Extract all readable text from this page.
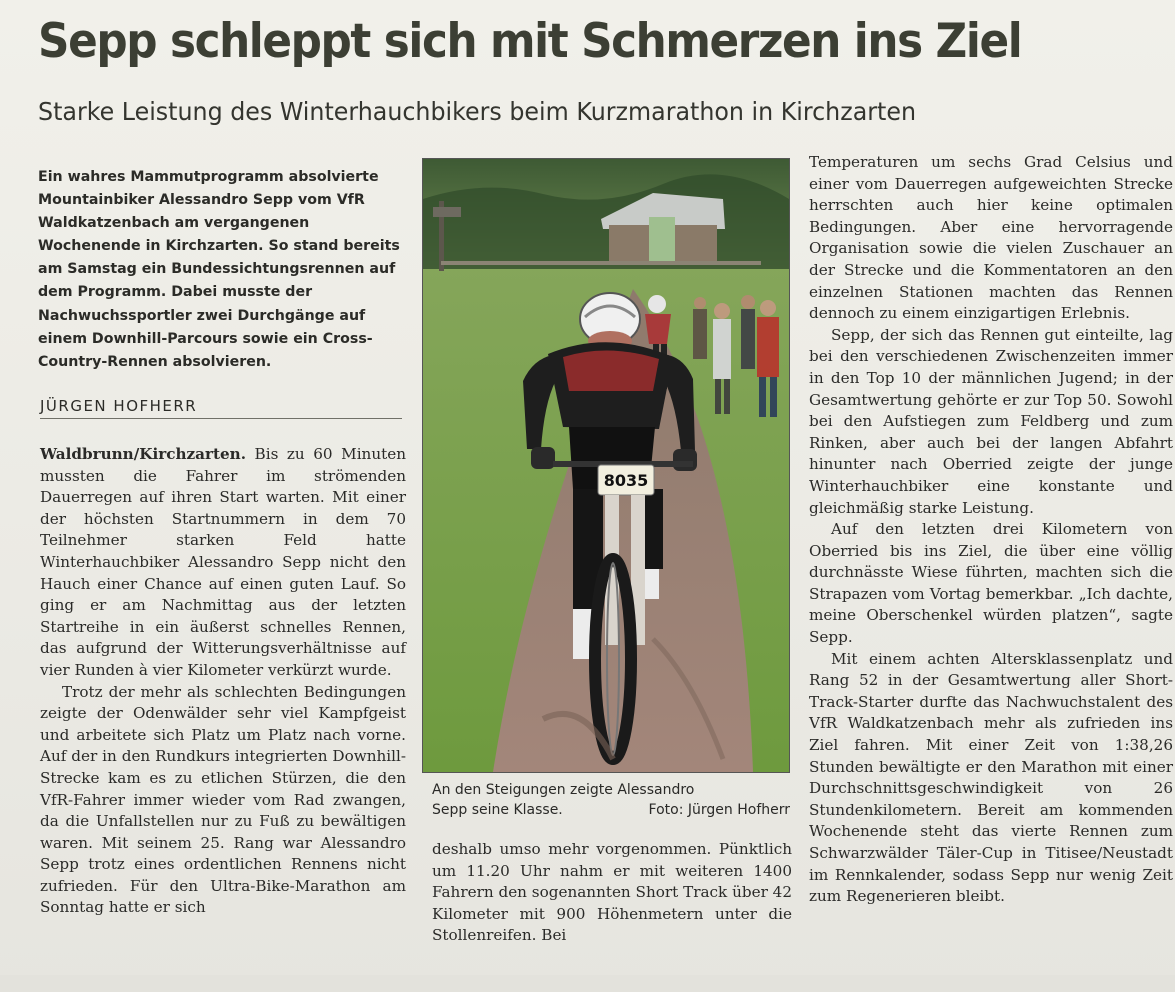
Sepp schleppt sich mit Schmerzen ins Ziel
Starke Leistung des Winterhauchbikers beim Kurzmarathon in Kirchzarten

Ein wahres Mammutprogramm absolvierte Mountainbiker Alessandro Sepp vom VfR Waldkatzenbach am vergangenen Wochenende in Kirchzarten. So stand bereits am Samstag ein Bundessichtungsrennen auf dem Programm. Dabei musste der Nachwuchssportler zwei Durchgänge auf einem Downhill-Parcours sowie ein Cross-Country-Rennen absolvieren.

JÜRGEN HOFHERR

Waldbrunn/Kirchzarten. Bis zu 60 Minuten mussten die Fahrer im strömenden Dauerregen auf ihren Start warten. Mit einer der höchsten Startnummern in dem 70 Teilnehmer starken Feld hatte Winterhauchbiker Alessandro Sepp nicht den Hauch einer Chance auf einen guten Lauf. So ging er am Nachmittag aus der letzten Startreihe in ein äußerst schnelles Rennen, das aufgrund der Witterungsverhältnisse auf vier Runden à vier Kilometer verkürzt wurde.

Trotz der mehr als schlechten Bedingungen zeigte der Odenwälder sehr viel Kampfgeist und arbeitete sich Platz um Platz nach vorne. Auf der in den Rundkurs integrierten Downhill-Strecke kam es zu etlichen Stürzen, die den VfR-Fahrer immer wieder vom Rad zwangen, da die Unfallstellen nur zu Fuß zu bewältigen waren. Mit seinem 25. Rang war Alessandro Sepp trotz eines ordentlichen Rennens nicht zufrieden. Für den Ultra-Bike-Marathon am Sonntag hatte er sich

8035
An den Steigungen zeigte Alessandro Sepp seine Klasse.	Foto: Jürgen Hofherr

deshalb umso mehr vorgenommen. Pünktlich um 11.20 Uhr nahm er mit weiteren 1400 Fahrern den sogenannten Short Track über 42 Kilometer mit 900 Höhenmetern unter die Stollenreifen. Bei

Temperaturen um sechs Grad Celsius und einer vom Dauerregen aufgeweichten Strecke herrschten auch hier keine optimalen Bedingungen. Aber eine hervorragende Organisation sowie die vielen Zuschauer an der Strecke und die Kommentatoren an den einzelnen Stationen machten das Rennen dennoch zu einem einzigartigen Erlebnis.

Sepp, der sich das Rennen gut einteilte, lag bei den verschiedenen Zwischenzeiten immer in den Top 10 der männlichen Jugend; in der Gesamtwertung gehörte er zur Top 50. Sowohl bei den Aufstiegen zum Feldberg und zum Rinken, aber auch bei der langen Abfahrt hinunter nach Oberried zeigte der junge Winterhauchbiker eine konstante und gleichmäßig starke Leistung.

Auf den letzten drei Kilometern von Oberried bis ins Ziel, die über eine völlig durchnässte Wiese führten, machten sich die Strapazen vom Vortag bemerkbar. „Ich dachte, meine Oberschenkel würden platzen“, sagte Sepp.

Mit einem achten Altersklassenplatz und Rang 52 in der Gesamtwertung aller Short-Track-Starter durfte das Nachwuchstalent des VfR Waldkatzenbach mehr als zufrieden ins Ziel fahren. Mit einer Zeit von 1:38,26 Stunden bewältigte er den Marathon mit einer Durchschnittsgeschwindigkeit von 26 Stundenkilometern. Bereit am kommenden Wochenende steht das vierte Rennen zum Schwarzwälder Täler-Cup in Titisee/Neustadt im Rennkalender, sodass Sepp nur wenig Zeit zum Regenerieren bleibt.
